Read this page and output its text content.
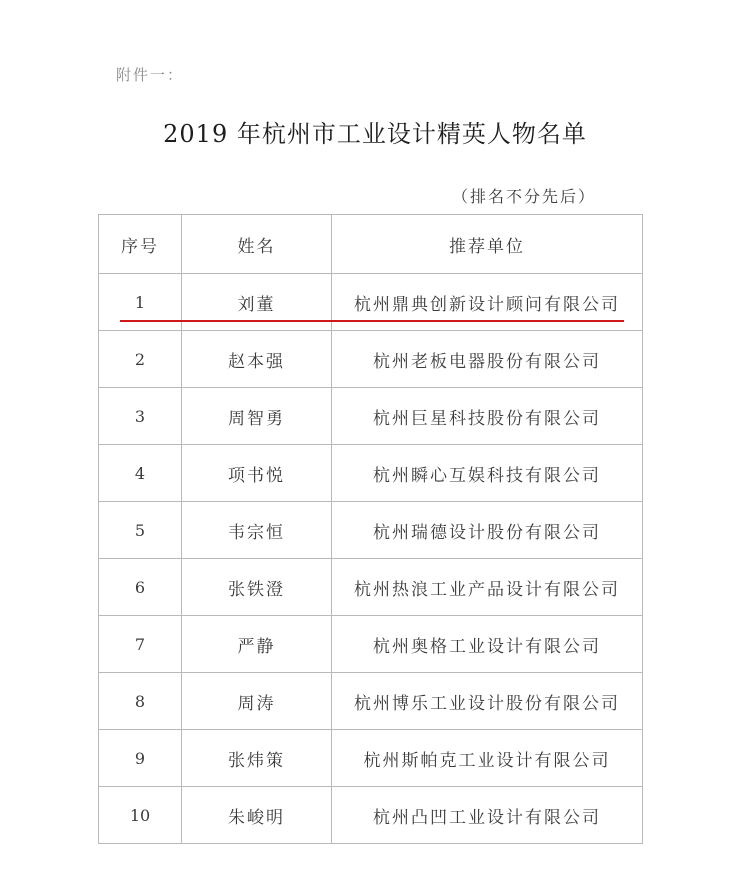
附件一：
2019 年杭州市工业设计精英人物名单
（排名不分先后）
序号	姓名	推荐单位
1	刘董	杭州鼎典创新设计顾问有限公司
2	赵本强	杭州老板电器股份有限公司
3	周智勇	杭州巨星科技股份有限公司
4	项书悦	杭州瞬心互娱科技有限公司
5	韦宗恒	杭州瑞德设计股份有限公司
6	张铁澄	杭州热浪工业产品设计有限公司
7	严静	杭州奥格工业设计有限公司
8	周涛	杭州博乐工业设计股份有限公司
9	张炜策	杭州斯帕克工业设计有限公司
10	朱峻明	杭州凸凹工业设计有限公司
